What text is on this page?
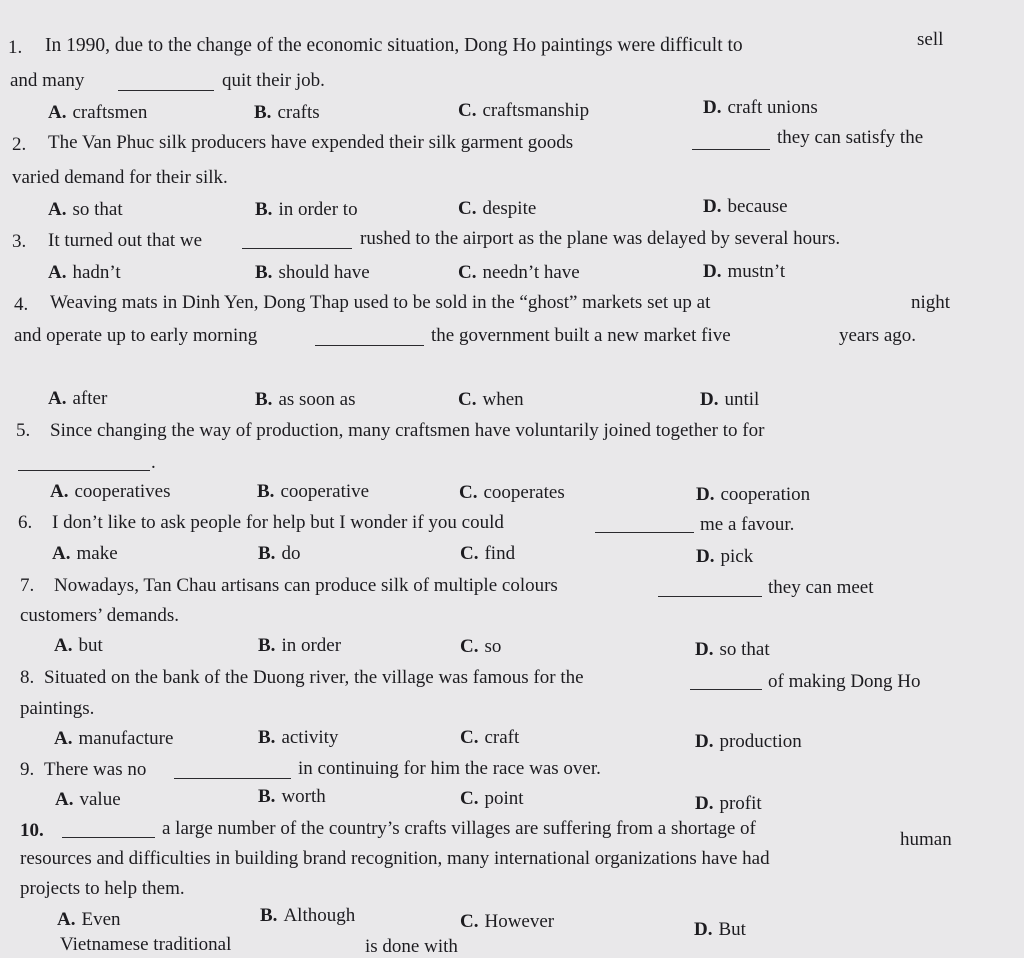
1. In 1990, due to the change of the economic situation, Dong Ho paintings were difficult to	sell
and many	quit their job.
A. craftsmen	B. crafts	C. craftsmanship	D. craft unions
2. The Van Phuc silk producers have expended their silk garment goods	they can satisfy the
varied demand for their silk.
A. so that	B. in order to	C. despite	D. because
3. It turned out that we	rushed to the airport as the plane was delayed by several hours.
A. hadn’t	B. should have	C. needn’t have	D. mustn’t
4. Weaving mats in Dinh Yen, Dong Thap used to be sold in the “ghost” markets set up at	night
and operate up to early morning	the government built a new market five	years ago.
A. after	B. as soon as	C. when	D. until
5. Since changing the way of production, many craftsmen have voluntarily joined together to for
.
A. cooperatives	B. cooperative	C. cooperates	D. cooperation
6. I don’t like to ask people for help but I wonder if you could	me a favour.
A. make	B. do	C. find	D. pick
7. Nowadays, Tan Chau artisans can produce silk of multiple colours	they can meet
customers’ demands.
A. but	B. in order	C. so	D. so that
8. Situated on the bank of the Duong river, the village was famous for the	of making Dong Ho
paintings.
A. manufacture	B. activity	C. craft	D. production
9. There was no	in continuing for him the race was over.
A. value	B. worth	C. point	D. profit
10.	a large number of the country’s crafts villages are suffering from a shortage of
human
resources and difficulties in building brand recognition, many international organizations have had
projects to help them.
A. Even	B. Although	C. However	D. But
Vietnamese traditional	is done with
